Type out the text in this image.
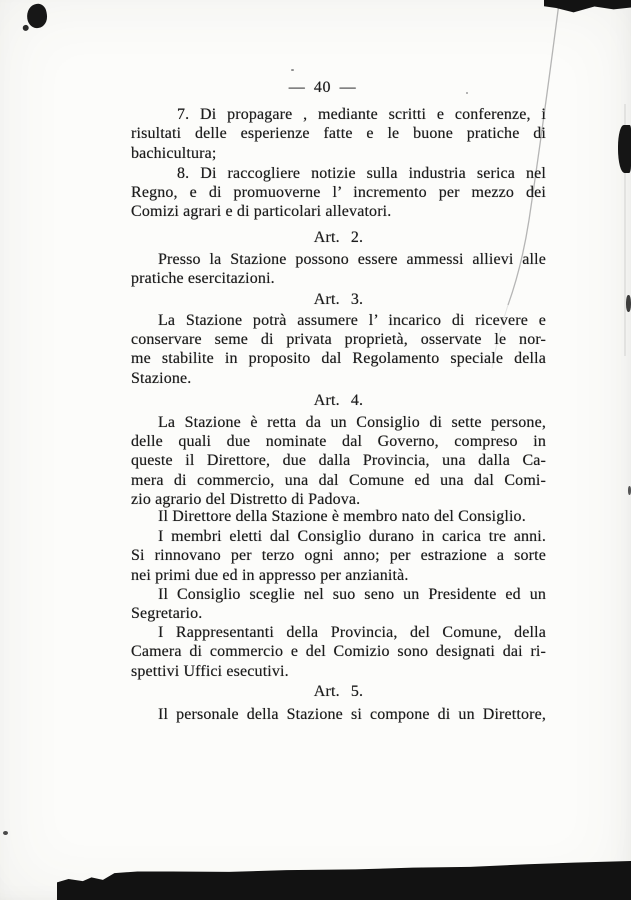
— 40 —
7. Di propagare , mediante scritti e conferenze, i
risultati delle esperienze fatte e le buone pratiche di
bachicultura;
8. Di raccogliere notizie sulla industria serica nel
Regno, e di promuoverne l’ incremento per mezzo dei
Comizi agrari e di particolari allevatori.
Art. 2.
Presso la Stazione possono essere ammessi allievi alle
pratiche esercitazioni.
Art. 3.
La Stazione potrà assumere l’ incarico di ricevere e
conservare seme di privata proprietà, osservate le nor-
me stabilite in proposito dal Regolamento speciale della
Stazione.
Art. 4.
La Stazione è retta da un Consiglio di sette persone,
delle quali due nominate dal Governo, compreso in
queste il Direttore, due dalla Provincia, una dalla Ca-
mera di commercio, una dal Comune ed una dal Comi-
zio agrario del Distretto di Padova.
Il Direttore della Stazione è membro nato del Consiglio.
I membri eletti dal Consiglio durano in carica tre anni.
Si rinnovano per terzo ogni anno; per estrazione a sorte
nei primi due ed in appresso per anzianità.
Il Consiglio sceglie nel suo seno un Presidente ed un
Segretario.
I Rappresentanti della Provincia, del Comune, della
Camera di commercio e del Comizio sono designati dai ri-
spettivi Uffici esecutivi.
Art. 5.
Il personale della Stazione si compone di un Direttore,
